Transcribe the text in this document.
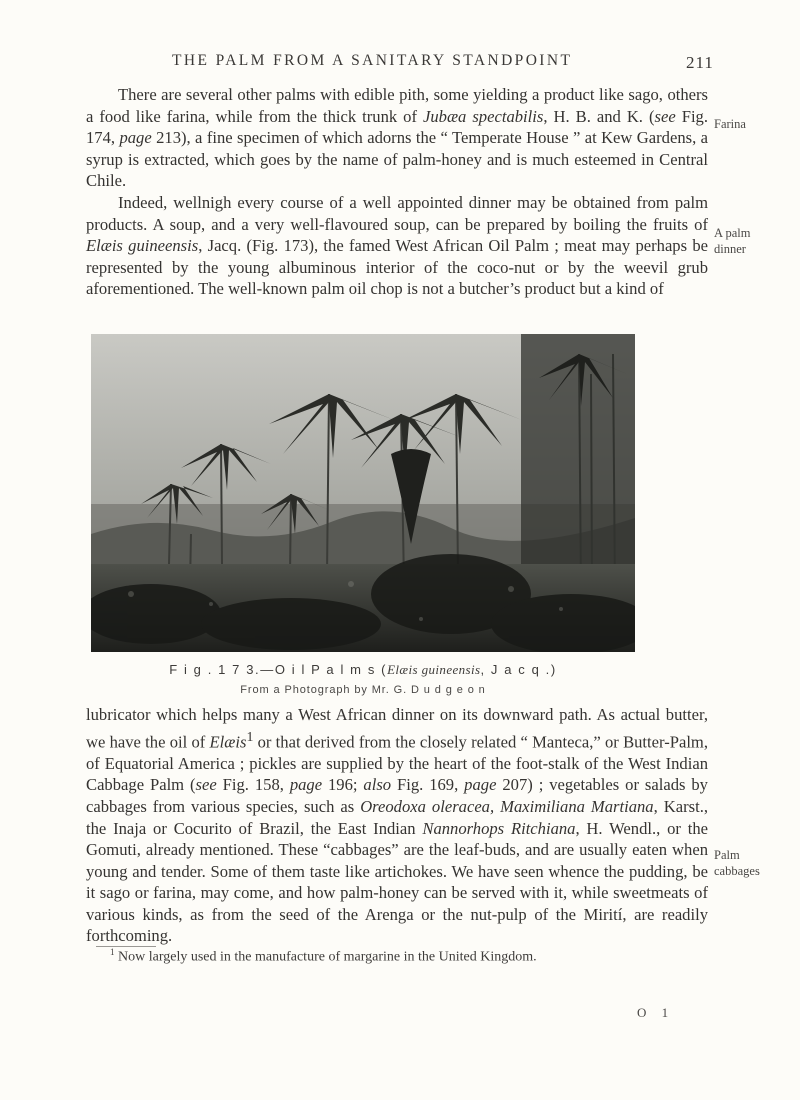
THE PALM FROM A SANITARY STANDPOINT	211

There are several other palms with edible pith, some yielding a product like sago, others a food like farina, while from the thick trunk of Jubæa spectabilis, H. B. and K. (see Fig. 174, page 213), a fine specimen of which adorns the “ Temperate House ” at Kew Gardens, a syrup is extracted, which goes by the name of palm-honey and is much esteemed in Central Chile.

Indeed, wellnigh every course of a well appointed dinner may be obtained from palm products. A soup, and a very well-flavoured soup, can be prepared by boiling the fruits of Elæis guineensis, Jacq. (Fig. 173), the famed West African Oil Palm ; meat may perhaps be represented by the young albuminous interior of the coco-nut or by the weevil grub aforementioned. The well-known palm oil chop is not a butcher’s product but a kind of

Farina
A palm
dinner
Palm
cabbages
F i g . 1 7 3.—O i l P a l m s (Elæis guineensis, J a c q .)
From a Photograph by Mr. G. D u d g e o n

lubricator which helps many a West African dinner on its downward path. As actual butter, we have the oil of Elæis$^1$ or that derived from the closely related “ Manteca,” or Butter-Palm, of Equatorial America ; pickles are supplied by the heart of the foot-stalk of the West Indian Cabbage Palm (see Fig. 158, page 196; also Fig. 169, page 207) ; vegetables or salads by cabbages from various species, such as Oreodoxa oleracea, Maximiliana Martiana, Karst., the Inaja or Cocurito of Brazil, the East Indian Nannorhops Ritchiana, H. Wendl., or the Gomuti, already mentioned. These “cabbages” are the leaf-buds, and are usually eaten when young and tender. Some of them taste like artichokes. We have seen whence the pudding, be it sago or farina, may come, and how palm-honey can be served with it, while sweetmeats of various kinds, as from the seed of the Arenga or the nut-pulp of the Mirití, are readily forthcoming.

$^1$ Now largely used in the manufacture of margarine in the United Kingdom.
O 1
